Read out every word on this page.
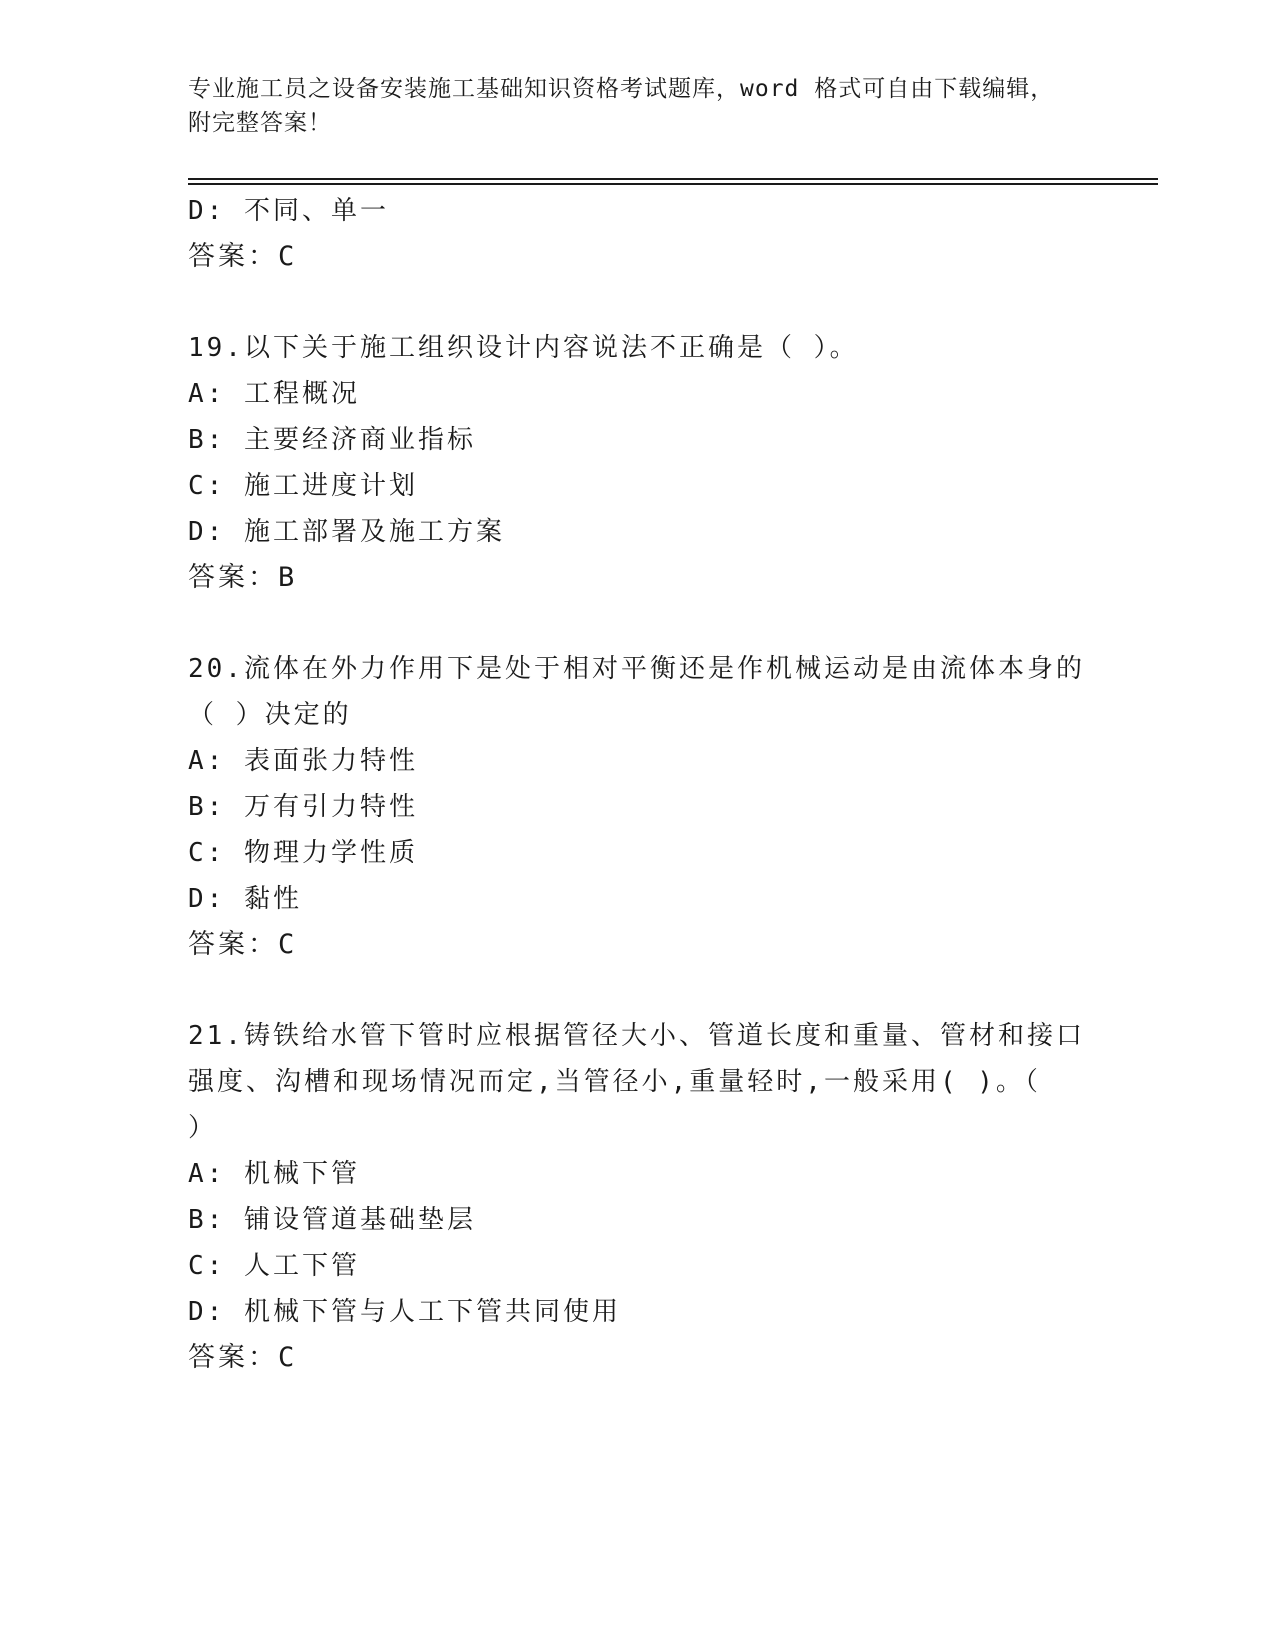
专业施工员之设备安装施工基础知识资格考试题库，word 格式可自由下载编辑，
附完整答案！
D: 不同、单一
答案：C
19.以下关于施工组织设计内容说法不正确是（ ）。
A: 工程概况
B: 主要经济商业指标
C: 施工进度计划
D: 施工部署及施工方案
答案：B
20.流体在外力作用下是处于相对平衡还是作机械运动是由流体本身的
（ ）决定的
A: 表面张力特性
B: 万有引力特性
C: 物理力学性质
D: 黏性
答案：C
21.铸铁给水管下管时应根据管径大小、管道长度和重量、管材和接口
强度、沟槽和现场情况而定,当管径小,重量轻时,一般采用( )。（
）
A: 机械下管
B: 铺设管道基础垫层
C: 人工下管
D: 机械下管与人工下管共同使用
答案：C
